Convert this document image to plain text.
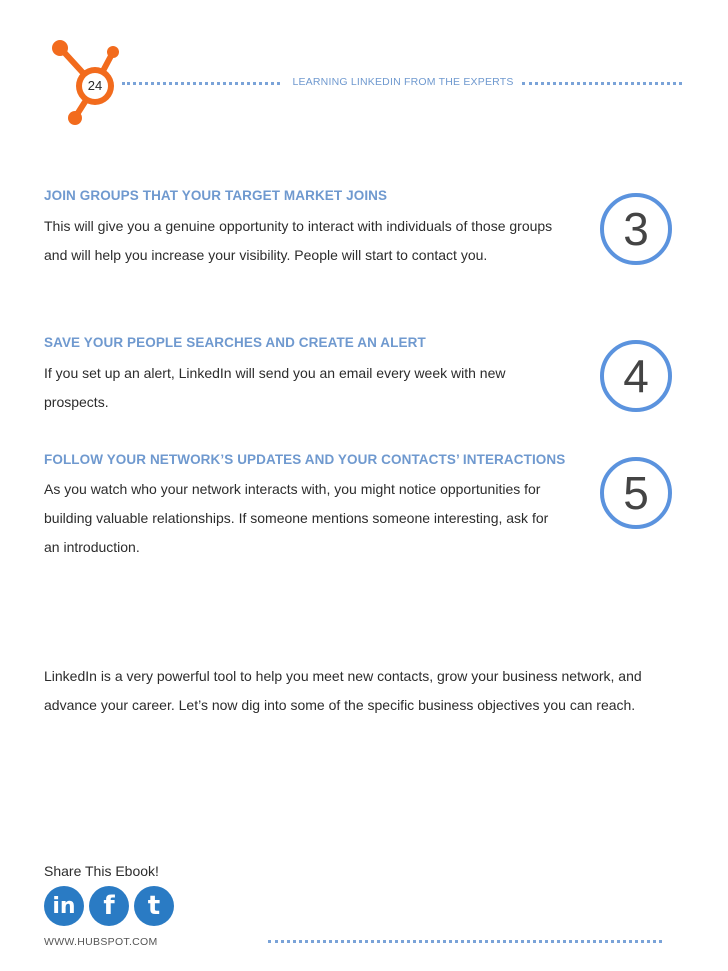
24	LEARNING LINKEDIN FROM THE EXPERTS
JOIN GROUPS THAT YOUR TARGET MARKET JOINS
This will give you a genuine opportunity to interact with individuals of those groups and will help you increase your visibility. People will start to contact you.	3
SAVE YOUR PEOPLE SEARCHES AND CREATE AN ALERT
If you set up an alert, LinkedIn will send you an email every week with new prospects.	4
FOLLOW YOUR NETWORK’S UPDATES AND YOUR CONTACTS’ INTERACTIONS
As you watch who your network interacts with, you might notice opportunities for building valuable relationships. If someone mentions someone interesting, ask for an introduction.
5
LinkedIn is a very powerful tool to help you meet new contacts, grow your business network, and advance your career. Let’s now dig into some of the specific business objectives you can reach.
Share This Ebook!
in f t
WWW.HUBSPOT.COM
